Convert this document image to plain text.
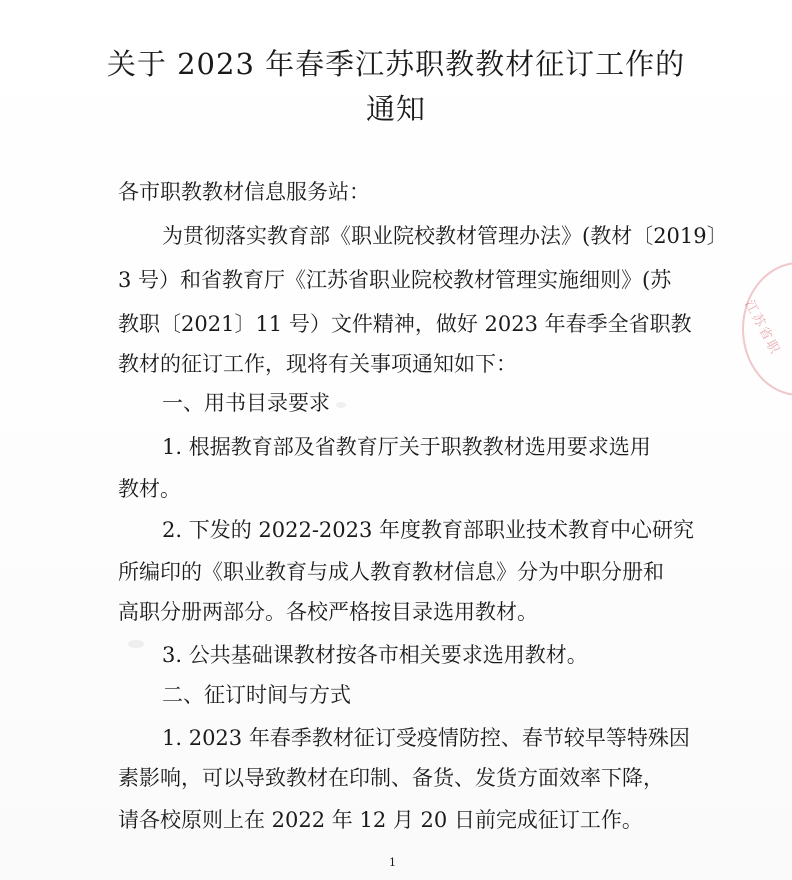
关于 2023 年春季江苏职教教材征订工作的
通知

各市职教教材信息服务站：

为贯彻落实教育部《职业院校教材管理办法》(教材〔2019〕

3 号）和省教育厅《江苏省职业院校教材管理实施细则》(苏

教职〔2021〕11 号）文件精神，做好 2023 年春季全省职教

教材的征订工作，现将有关事项通知如下：

一、用书目录要求

1. 根据教育部及省教育厅关于职教教材选用要求选用

教材。

2. 下发的 2022-2023 年度教育部职业技术教育中心研究

所编印的《职业教育与成人教育教材信息》分为中职分册和

高职分册两部分。各校严格按目录选用教材。

3. 公共基础课教材按各市相关要求选用教材。

二、征订时间与方式

1. 2023 年春季教材征订受疫情防控、春节较早等特殊因

素影响，可以导致教材在印制、备货、发货方面效率下降，

请各校原则上在 2022 年 12 月 20 日前完成征订工作。

1
江苏省职
